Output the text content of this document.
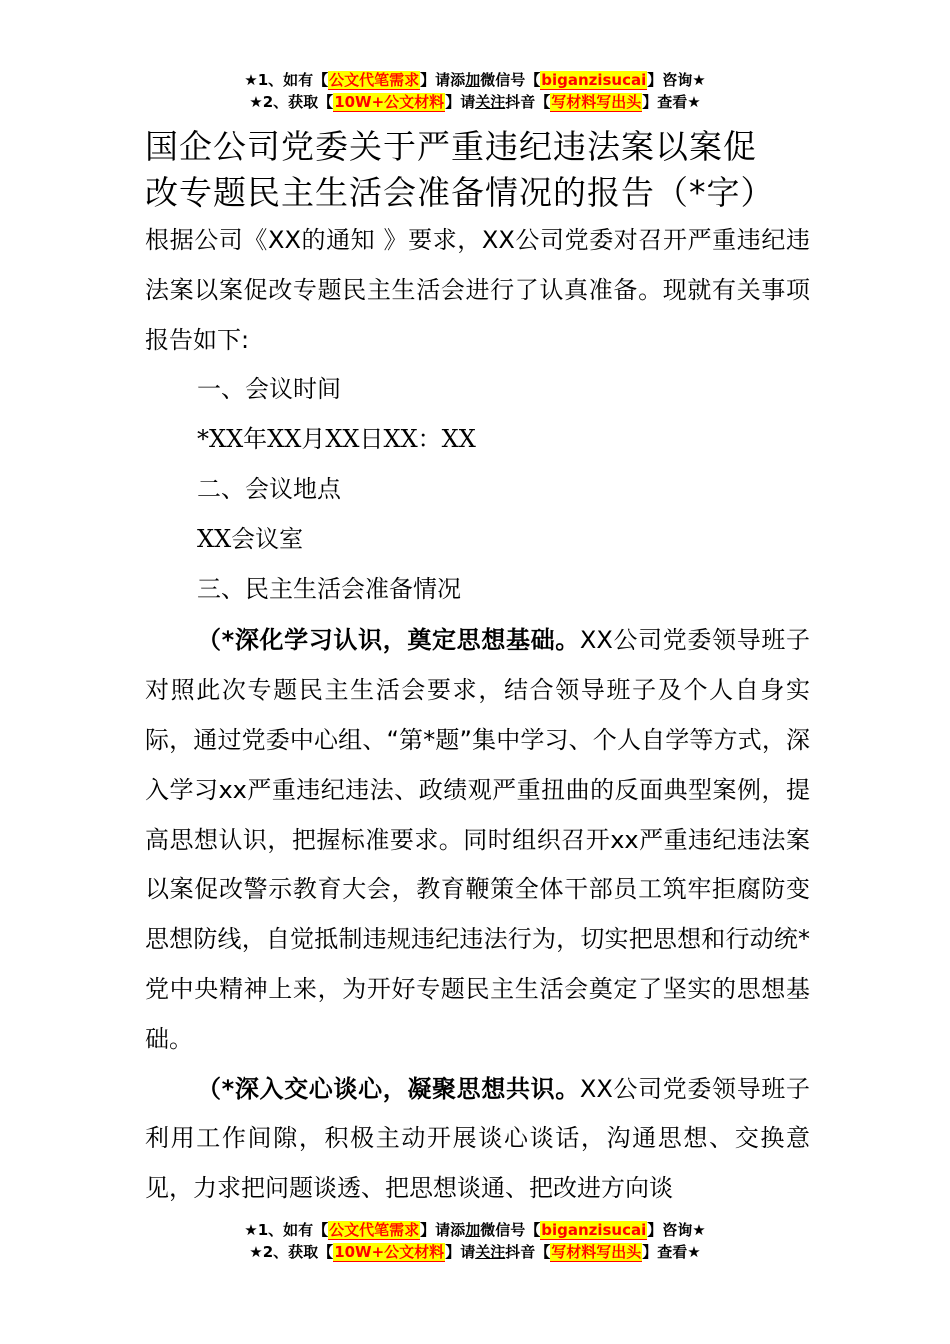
★1、如有【公文代笔需求】请添加微信号【biganzisucai】咨询★
★2、获取【10W+公文材料】请关注抖音【写材料写出头】查看★
国企公司党委关于严重违纪违法案以案促
改专题民主生活会准备情况的报告（*字）

根据公司《XX的通知 》要求，XX公司党委对召开严重违纪违法案以案促改专题民主生活会进行了认真准备。现就有关事项报告如下:

一、会议时间

*XX年XX月XX日XX：XX

二、会议地点

XX会议室

三、民主生活会准备情况

（*深化学习认识，奠定思想基础。XX公司党委领导班子对照此次专题民主生活会要求，结合领导班子及个人自身实际，通过党委中心组、“第*题”集中学习、个人自学等方式，深入学习xx严重违纪违法、政绩观严重扭曲的反面典型案例，提高思想认识，把握标准要求。同时组织召开xx严重违纪违法案以案促改警示教育大会，教育鞭策全体干部员工筑牢拒腐防变思想防线，自觉抵制违规违纪违法行为，切实把思想和行动统*党中央精神上来，为开好专题民主生活会奠定了坚实的思想基础。

（*深入交心谈心，凝聚思想共识。XX公司党委领导班子利用工作间隙，积极主动开展谈心谈话，沟通思想、交换意见，力求把问题谈透、把思想谈通、把改进方向谈

★1、如有【公文代笔需求】请添加微信号【biganzisucai】咨询★
★2、获取【10W+公文材料】请关注抖音【写材料写出头】查看★
